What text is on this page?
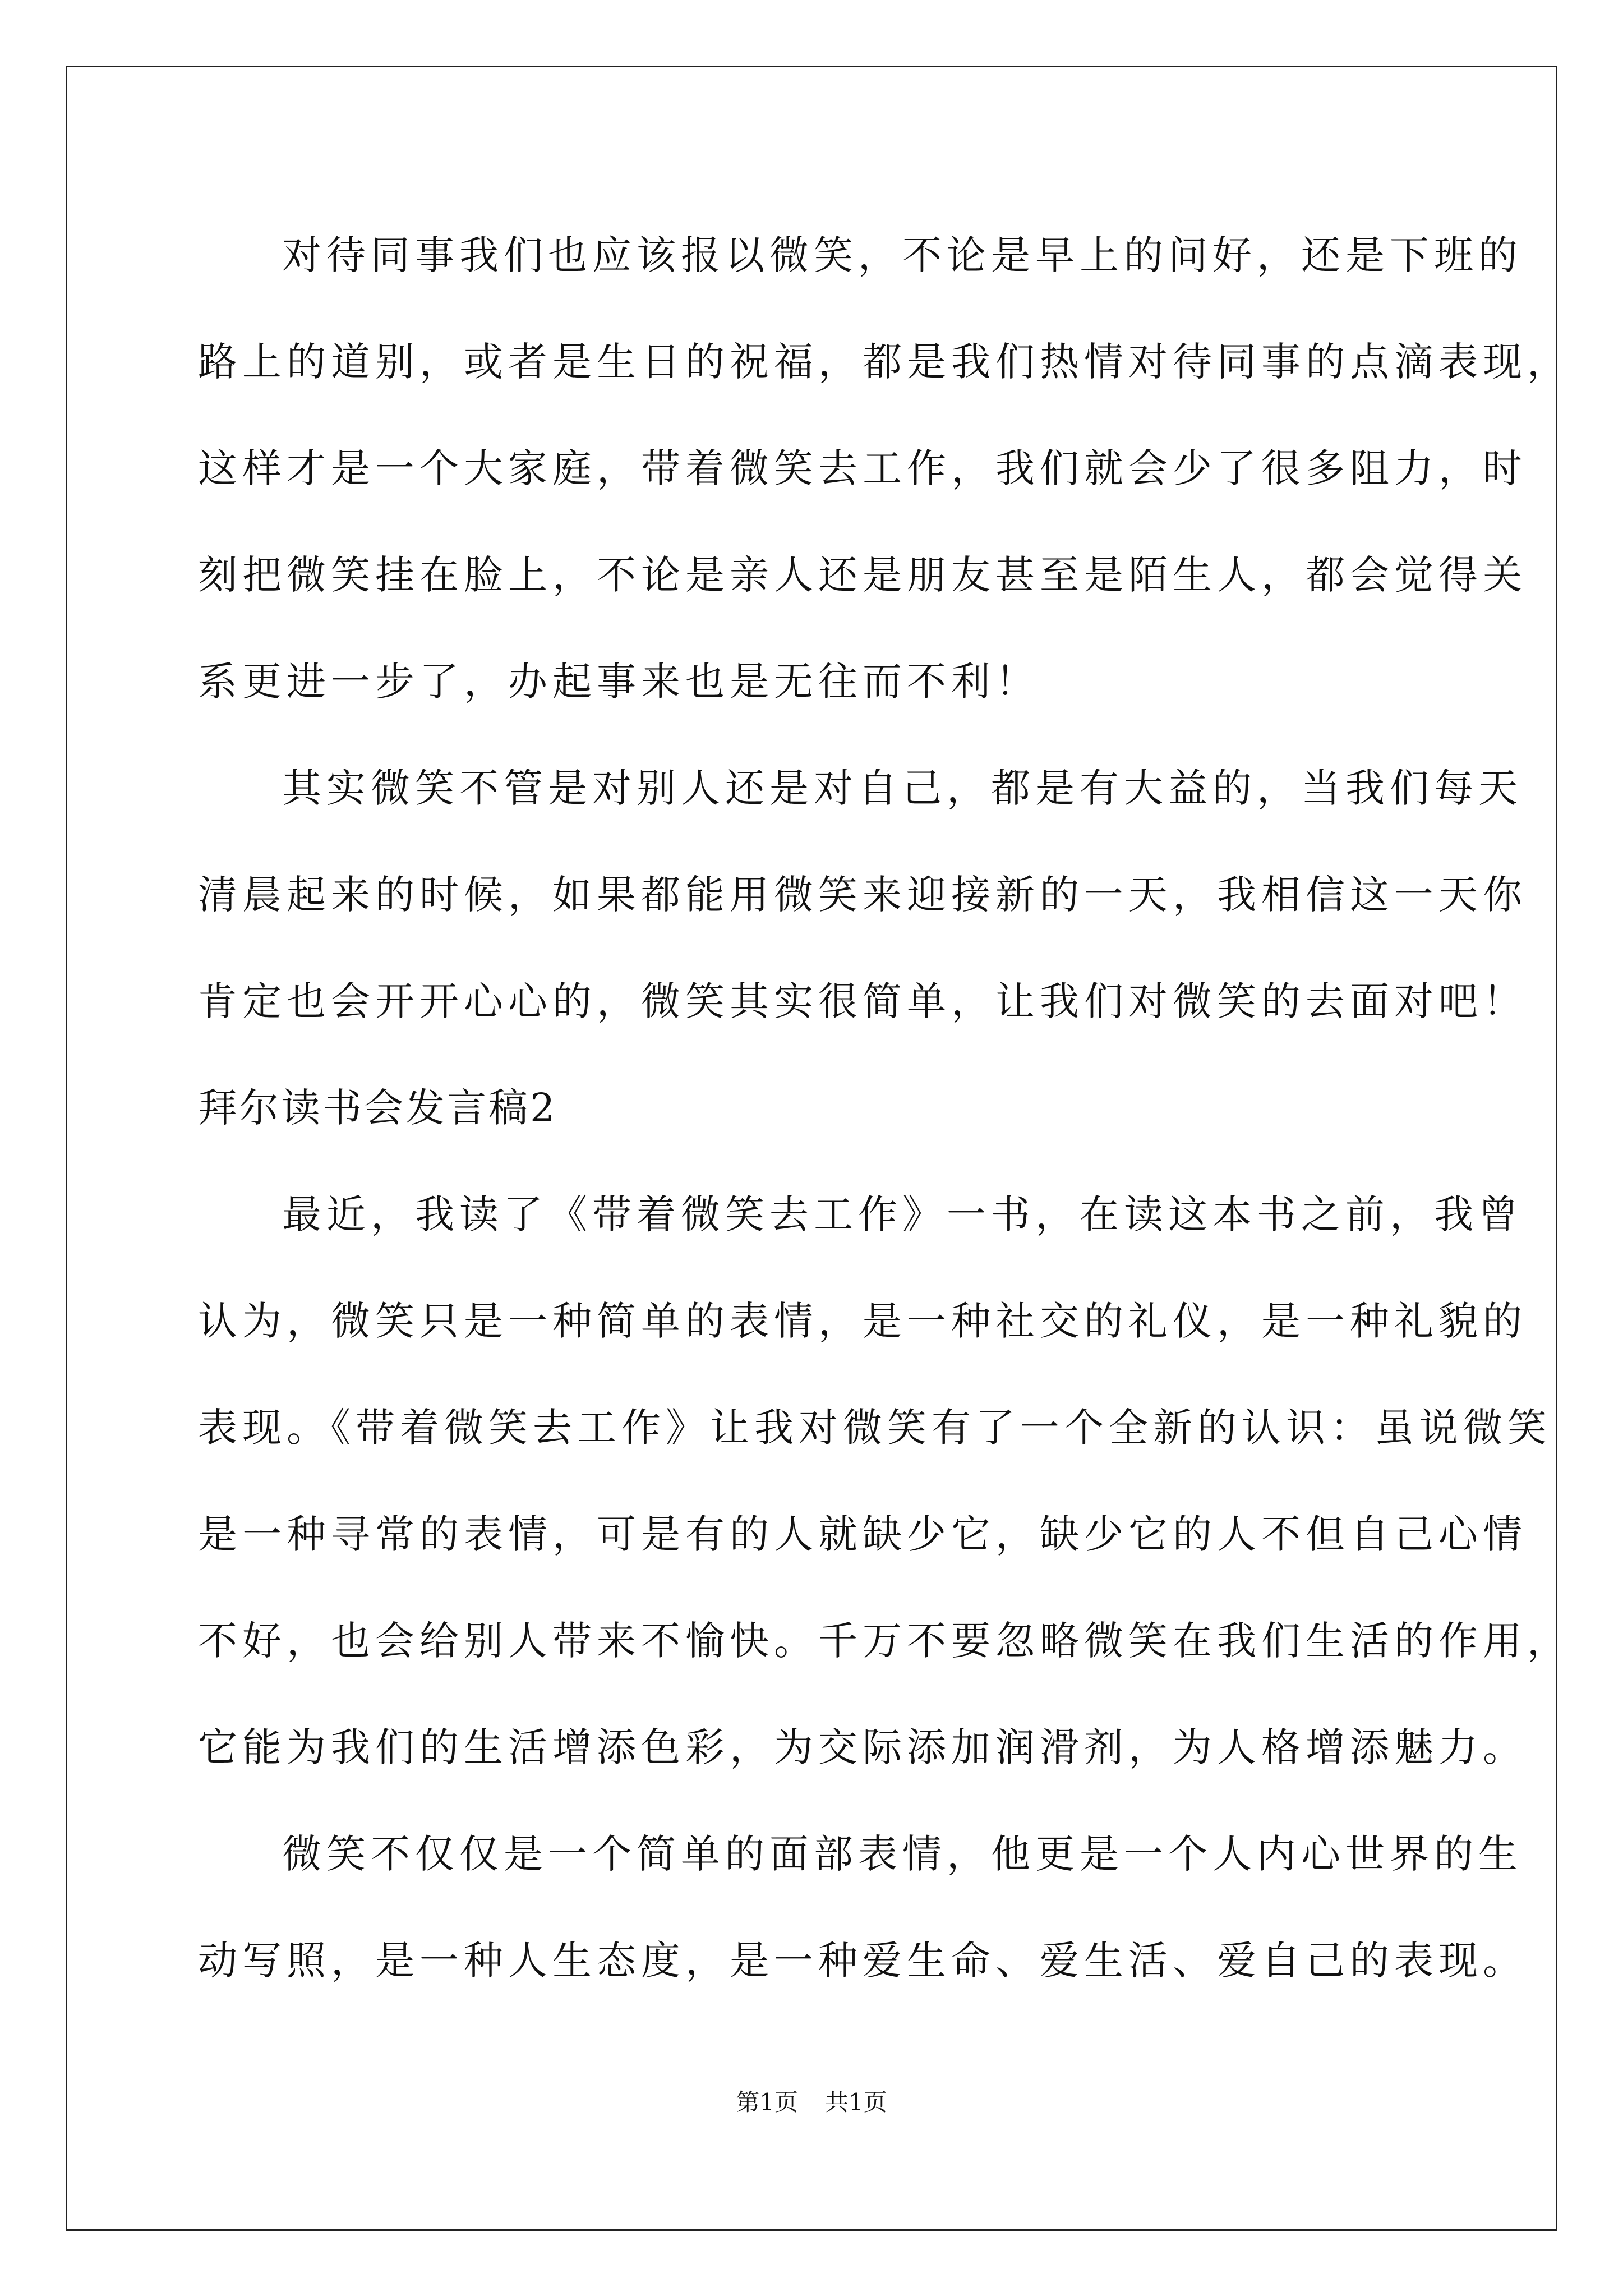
对待同事我们也应该报以微笑，不论是早上的问好，还是下班的
路上的道别，或者是生日的祝福，都是我们热情对待同事的点滴表现，
这样才是一个大家庭，带着微笑去工作，我们就会少了很多阻力，时
刻把微笑挂在脸上，不论是亲人还是朋友甚至是陌生人，都会觉得关
系更进一步了，办起事来也是无往而不利！
其实微笑不管是对别人还是对自己，都是有大益的，当我们每天
清晨起来的时候，如果都能用微笑来迎接新的一天，我相信这一天你
肯定也会开开心心的，微笑其实很简单，让我们对微笑的去面对吧！
拜尔读书会发言稿2
最近，我读了《带着微笑去工作》一书，在读这本书之前，我曾
认为，微笑只是一种简单的表情，是一种社交的礼仪，是一种礼貌的
表现。《带着微笑去工作》让我对微笑有了一个全新的认识：虽说微笑
是一种寻常的表情，可是有的人就缺少它，缺少它的人不但自己心情
不好，也会给别人带来不愉快。千万不要忽略微笑在我们生活的作用，
它能为我们的生活增添色彩，为交际添加润滑剂，为人格增添魅力。
微笑不仅仅是一个简单的面部表情，他更是一个人内心世界的生
动写照，是一种人生态度，是一种爱生命、爱生活、爱自己的表现。
第1页 共1页
